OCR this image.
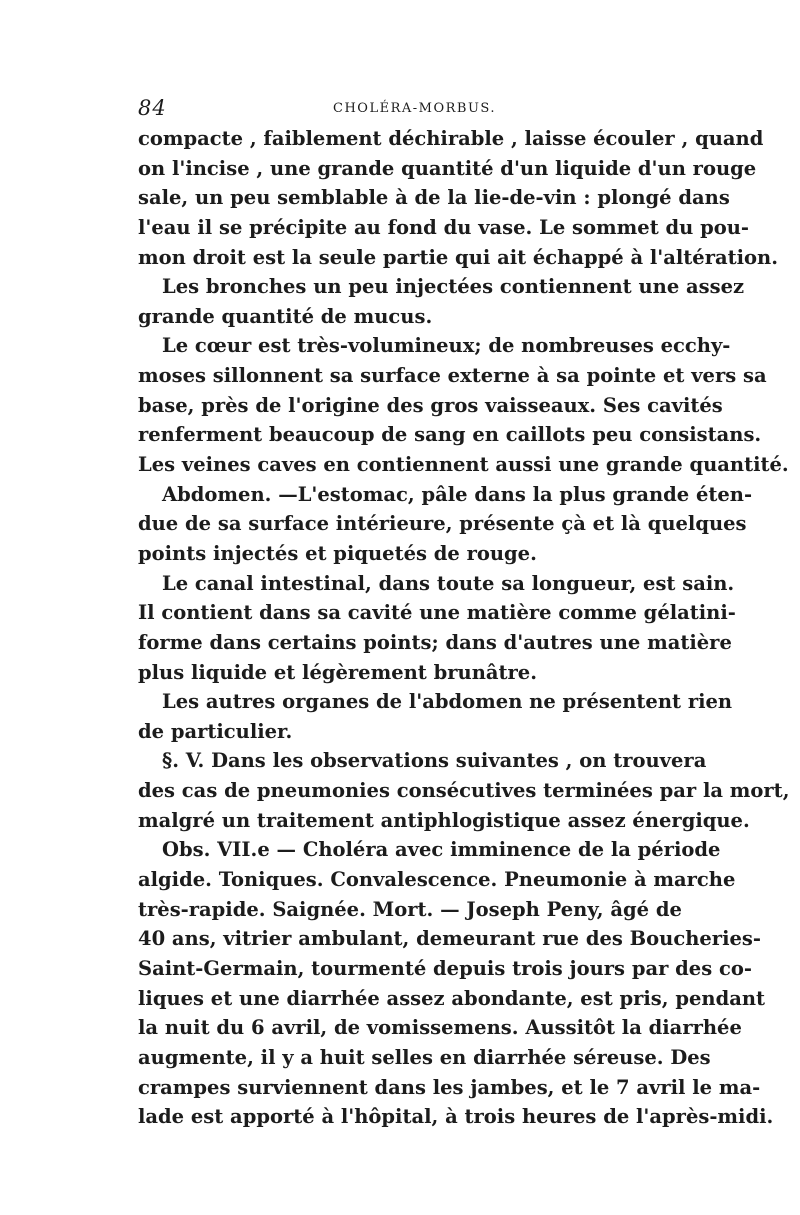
84	CHOLÉRA-MORBUS.
compacte , faiblement déchirable , laisse écouler , quand
on l'incise , une grande quantité d'un liquide d'un rouge
sale, un peu semblable à de la lie-de-vin : plongé dans
l'eau il se précipite au fond du vase. Le sommet du pou-
mon droit est la seule partie qui ait échappé à l'altération.
Les bronches un peu injectées contiennent une assez
grande quantité de mucus.
Le cœur est très-volumineux; de nombreuses ecchy-
moses sillonnent sa surface externe à sa pointe et vers sa
base, près de l'origine des gros vaisseaux. Ses cavités
renferment beaucoup de sang en caillots peu consistans.
Les veines caves en contiennent aussi une grande quantité.
Abdomen. —L'estomac, pâle dans la plus grande éten-
due de sa surface intérieure, présente çà et là quelques
points injectés et piquetés de rouge.
Le canal intestinal, dans toute sa longueur, est sain.
Il contient dans sa cavité une matière comme gélatini-
forme dans certains points; dans d'autres une matière
plus liquide et légèrement brunâtre.
Les autres organes de l'abdomen ne présentent rien
de particulier.
§. V. Dans les observations suivantes , on trouvera
des cas de pneumonies consécutives terminées par la mort,
malgré un traitement antiphlogistique assez énergique.
Obs. VII.e — Choléra avec imminence de la période
algide. Toniques. Convalescence. Pneumonie à marche
très-rapide. Saignée. Mort. — Joseph Peny, âgé de
40 ans, vitrier ambulant, demeurant rue des Boucheries-
Saint-Germain, tourmenté depuis trois jours par des co-
liques et une diarrhée assez abondante, est pris, pendant
la nuit du 6 avril, de vomissemens. Aussitôt la diarrhée
augmente, il y a huit selles en diarrhée séreuse. Des
crampes surviennent dans les jambes, et le 7 avril le ma-
lade est apporté à l'hôpital, à trois heures de l'après-midi.
